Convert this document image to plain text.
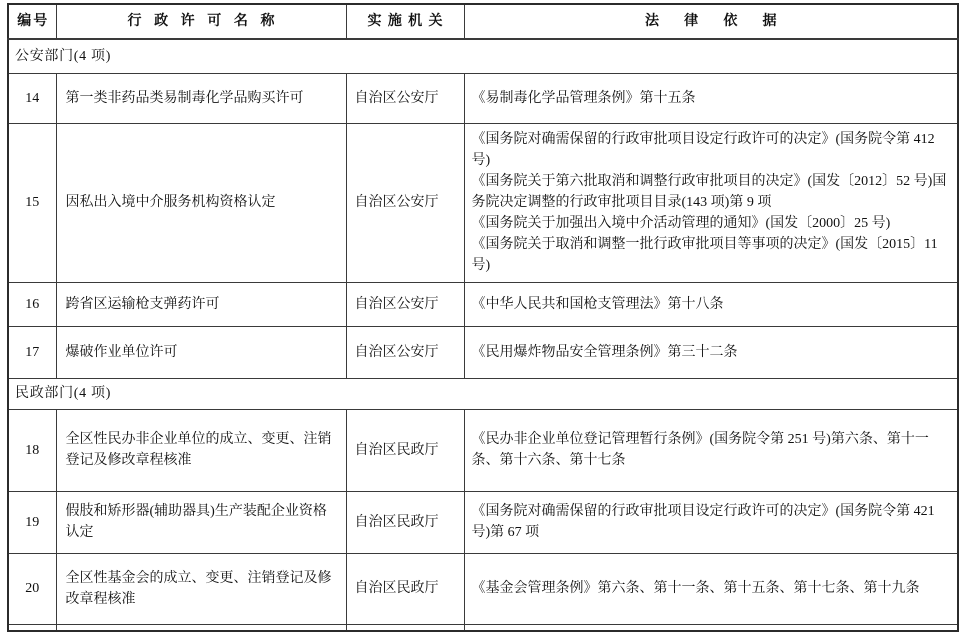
编号	行政许可名称	实施机关	法律依据
公安部门(4 项)			
14	第一类非药品类易制毒化学品购买许可	自治区公安厅	《易制毒化学品管理条例》第十五条

15	因私出入境中介服务机构资格认定	自治区公安厅	《国务院对确需保留的行政审批项目设定行政许可的决定》(国务院令第 412 号)
《国务院关于第六批取消和调整行政审批项目的决定》(国发〔2012〕52 号)国务院决定调整的行政审批项目目录(143 项)第 9 项
《国务院关于加强出入境中介活动管理的通知》(国发〔2000〕25 号)
《国务院关于取消和调整一批行政审批项目等事项的决定》(国发〔2015〕11 号)

16	跨省区运输枪支弹药许可	自治区公安厅	《中华人民共和国枪支管理法》第十八条

17	爆破作业单位许可	自治区公安厅	《民用爆炸物品安全管理条例》第三十二条

民政部门(4 项)			
18	全区性民办非企业单位的成立、变更、注销登记及修改章程核准	自治区民政厅	《民办非企业单位登记管理暂行条例》(国务院令第 251 号)第六条、第十一条、第十六条、第十七条

19	假肢和矫形器(辅助器具)生产装配企业资格认定	自治区民政厅	《国务院对确需保留的行政审批项目设定行政许可的决定》(国务院令第 421 号)第 67 项

20	全区性基金会的成立、变更、注销登记及修改章程核准	自治区民政厅	《基金会管理条例》第六条、第十一条、第十五条、第十七条、第十九条
